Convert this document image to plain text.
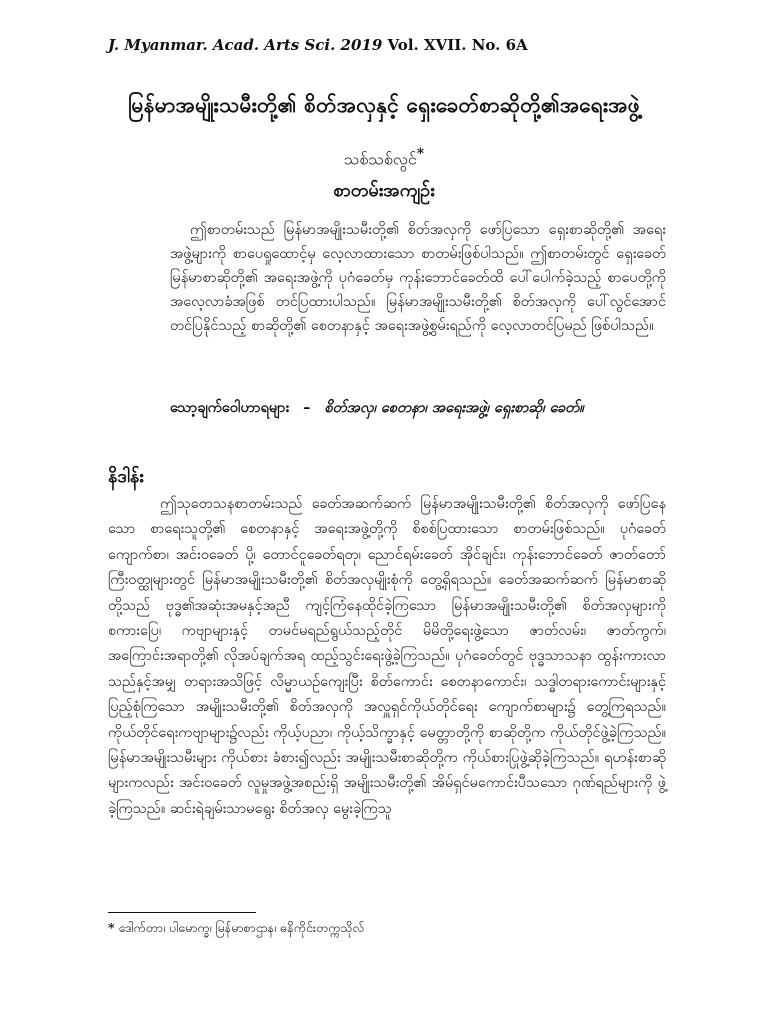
J. Myanmar. Acad. Arts Sci. 2019 Vol. XVII. No. 6A
မြန်မာအမျိုးသမီးတို့၏ စိတ်အလှနှင့် ရှေးခေတ်စာဆိုတို့၏အရေးအဖွဲ့
သစ်သစ်လွင်*
စာတမ်းအကျဉ်း
ဤစာတမ်းသည် မြန်မာအမျိုးသမီးတို့၏ စိတ်အလှကို ဖော်ပြသော ရှေးစာဆိုတို့၏ အရေးအဖွဲ့များကို စာပေရှုထောင့်မှ လေ့လာထားသော စာတမ်းဖြစ်ပါသည်။ ဤစာတမ်းတွင် ရှေးခေတ်မြန်မာစာဆိုတို့၏ အရေးအဖွဲ့ကို ပုဂံခေတ်မှ ကုန်းဘောင်ခေတ်ထိ ပေါ်ပေါက်ခဲ့သည့် စာပေတို့ကို အလေ့လာခံအဖြစ် တင်ပြထားပါသည်။ မြန်မာအမျိုးသမီးတို့၏ စိတ်အလှကို ပေါ်လွင်အောင် တင်ပြနိုင်သည့် စာဆိုတို့၏ စေတနာနှင့် အရေးအဖွဲ့စွမ်းရည်ကို လေ့လာတင်ပြမည် ဖြစ်ပါသည်။
သော့ချက်ဝေါဟာရများ – စိတ်အလှ၊ စေတနာ၊ အရေးအဖွဲ့၊ ရှေးစာဆို၊ ခေတ်။
နိဒါန်း
ဤသုတေသနစာတမ်းသည် ခေတ်အဆက်ဆက် မြန်မာအမျိုးသမီးတို့၏ စိတ်အလှကို ဖော်ပြနေသော စာရေးသူတို့၏ စေတနာနှင့် အရေးအဖွဲ့တို့ကို စိစစ်ပြထားသော စာတမ်းဖြစ်သည်။ ပုဂံခေတ် ကျောက်စာ၊ အင်းဝခေတ် ပို့၊ တောင်ငူခေတ်ရတု၊ ညောင်ရမ်းခေတ် အိုင်ချင်း၊ ကုန်းဘောင်ခေတ် ဇာတ်တော်ကြီးဝတ္ထုများတွင် မြန်မာအမျိုးသမီးတို့၏ စိတ်အလှမျိုးစုံကို တွေ့ရှိရသည်။ ခေတ်အဆက်ဆက် မြန်မာစာဆိုတို့သည် ဗုဒ္ဓ၏အဆုံးအမနှင့်အညီ ကျင့်ကြံနေထိုင်ခဲ့ကြသော မြန်မာအမျိုးသမီးတို့၏ စိတ်အလှများကို စကားပြေ၊ ကဗျာများနှင့် တမင်မရည်ရွယ်သည့်တိုင် မိမိတို့ရေးဖွဲ့သော ဇာတ်လမ်း၊ ဇာတ်ကွက်၊ အကြောင်းအရာတို့၏ လိုအပ်ချက်အရ ထည့်သွင်းရေးဖွဲ့ခဲ့ကြသည်။ ပုဂံခေတ်တွင် ဗုဒ္ဓသာသနာ ထွန်းကားလာသည်နှင့်အမျှ တရားအသိဖြင့် လိမ္မာယဉ်ကျေးပြီး စိတ်ကောင်း စေတနာကောင်း၊ သဒ္ဓါတရားကောင်းများနှင့် ပြည့်စုံကြသော အမျိုးသမီးတို့၏ စိတ်အလှကို အလှူရှင်ကိုယ်တိုင်ရေး ကျောက်စာများ၌ တွေ့ကြရသည်။ ကိုယ်တိုင်ရေးကဗျာများ၌လည်း ကိုယ့်ပညာ၊ ကိုယ့်သိက္ခာနှင့် မေတ္တာတို့ကို စာဆိုတို့က ကိုယ်တိုင်ဖွဲ့ခဲ့ကြသည်။ မြန်မာအမျိုးသမီးများ ကိုယ်စား ခံစား၍လည်း အမျိုးသမီးစာဆိုတို့က ကိုယ်စားပြုဖွဲ့ဆိုခဲ့ကြသည်။ ရဟန်းစာဆိုများကလည်း အင်းဝခေတ် လူမှုအဖွဲ့အစည်းရှိ အမျိုးသမီးတို့၏ အိမ်ရှင်မကောင်းပီသသော ဂုဏ်ရည်များကို ဖွဲ့ခဲ့ကြသည်။ ဆင်းရဲချမ်းသာမရွေး စိတ်အလှ မွေးခဲ့ကြသူ
* ဒေါက်တာ၊ ပါမောက္ခ၊ မြန်မာစာဌာန၊ ဓနိကိုင်းတက္ကသိုလ်
